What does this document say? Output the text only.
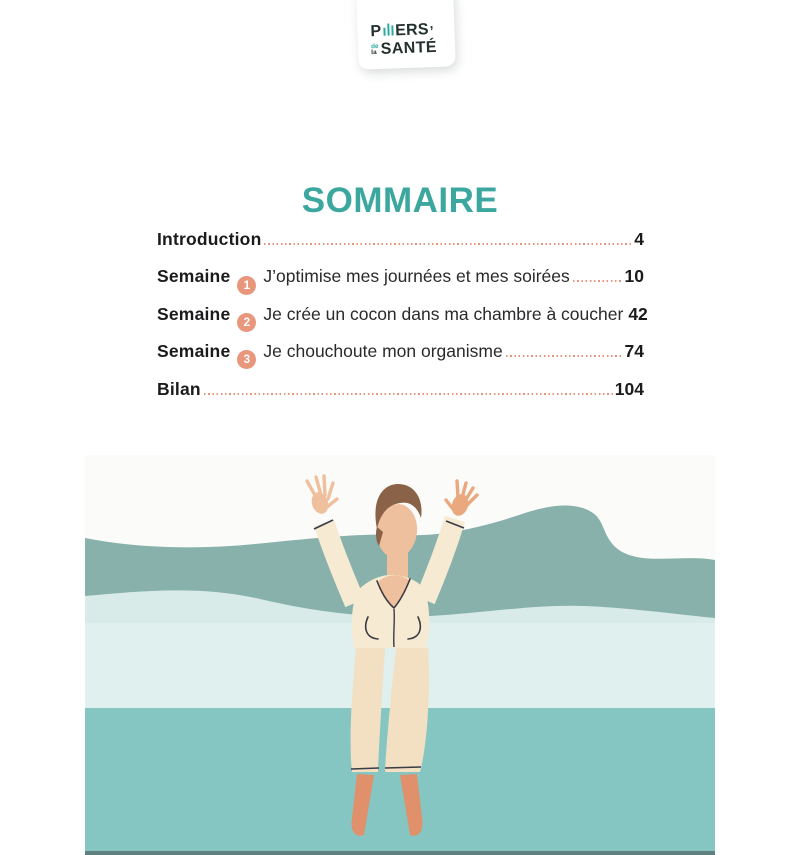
P ERS ,
de
la SANTÉ
SOMMAIRE
Introduction	4
Semaine 1 J’optimise mes journées et mes soirées	10
Semaine 2 Je crée un cocon dans ma chambre à coucher 42
Semaine 3 Je chouchoute mon organisme	74
Bilan	104
